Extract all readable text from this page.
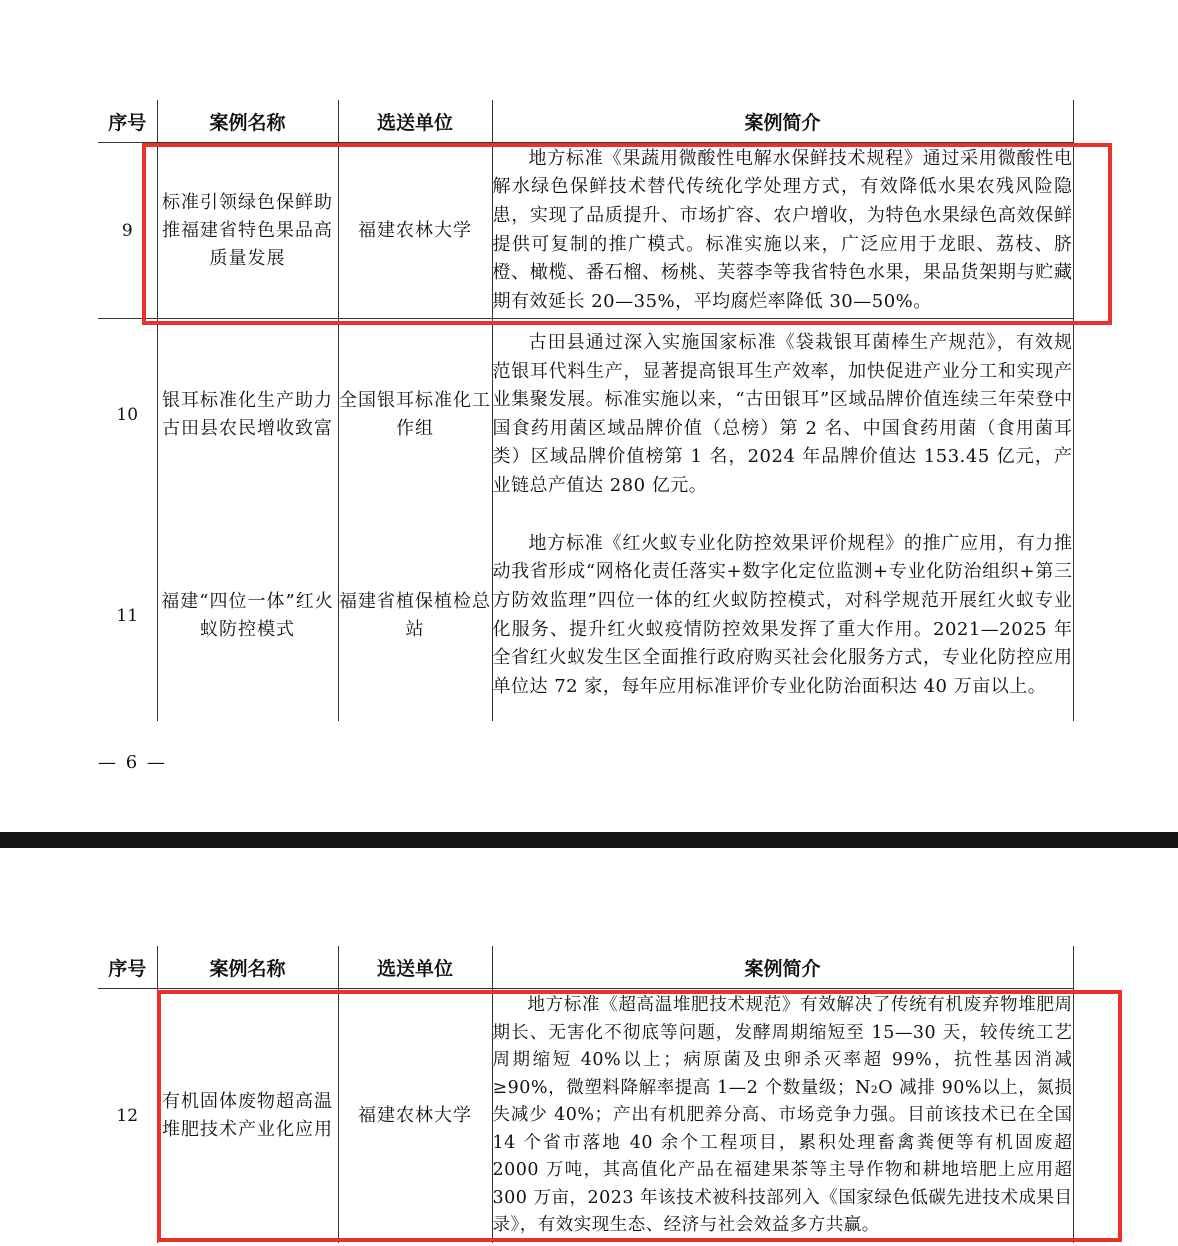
序号	案例名称	选送单位	案例简介
9	标准引领绿色保鲜助推福建省特色果品高质量发展	福建农林大学	地方标准《果蔬用微酸性电解水保鲜技术规程》通过采用微酸性电解水绿色保鲜技术替代传统化学处理方式，有效降低水果农残风险隐患，实现了品质提升、市场扩容、农户增收，为特色水果绿色高效保鲜提供可复制的推广模式。标准实施以来，广泛应用于龙眼、荔枝、脐橙、橄榄、番石榴、杨桃、芙蓉李等我省特色水果，果品货架期与贮藏期有效延长 20—35%，平均腐烂率降低 30—50%。

10	银耳标准化生产助力古田县农民增收致富	全国银耳标准化工作组	古田县通过深入实施国家标准《袋栽银耳菌棒生产规范》，有效规范银耳代料生产，显著提高银耳生产效率，加快促进产业分工和实现产业集聚发展。标准实施以来，“古田银耳”区域品牌价值连续三年荣登中国食药用菌区域品牌价值（总榜）第 2 名、中国食药用菌（食用菌耳类）区域品牌价值榜第 1 名，2024 年品牌价值达 153.45 亿元，产业链总产值达 280 亿元。

11	福建“四位一体”红火蚁防控模式	福建省植保植检总站	地方标准《红火蚁专业化防控效果评价规程》的推广应用，有力推动我省形成“网格化责任落实+数字化定位监测+专业化防治组织+第三方防效监理”四位一体的红火蚁防控模式，对科学规范开展红火蚁专业化服务、提升红火蚁疫情防控效果发挥了重大作用。2021—2025 年全省红火蚁发生区全面推行政府购买社会化服务方式，专业化防控应用单位达 72 家，每年应用标准评价专业化防治面积达 40 万亩以上。

— 6 —
序号	案例名称	选送单位	案例简介
12	有机固体废物超高温堆肥技术产业化应用	福建农林大学	地方标准《超高温堆肥技术规范》有效解决了传统有机废弃物堆肥周期长、无害化不彻底等问题，发酵周期缩短至 15—30 天，较传统工艺周期缩短 40%以上；病原菌及虫卵杀灭率超 99%，抗性基因消减≥90%，微塑料降解率提高 1—2 个数量级；N₂O 减排 90%以上，氮损失减少 40%；产出有机肥养分高、市场竞争力强。目前该技术已在全国 14 个省市落地 40 余个工程项目，累积处理畜禽粪便等有机固废超 2000 万吨，其高值化产品在福建果茶等主导作物和耕地培肥上应用超 300 万亩，2023 年该技术被科技部列入《国家绿色低碳先进技术成果目录》，有效实现生态、经济与社会效益多方共赢。
